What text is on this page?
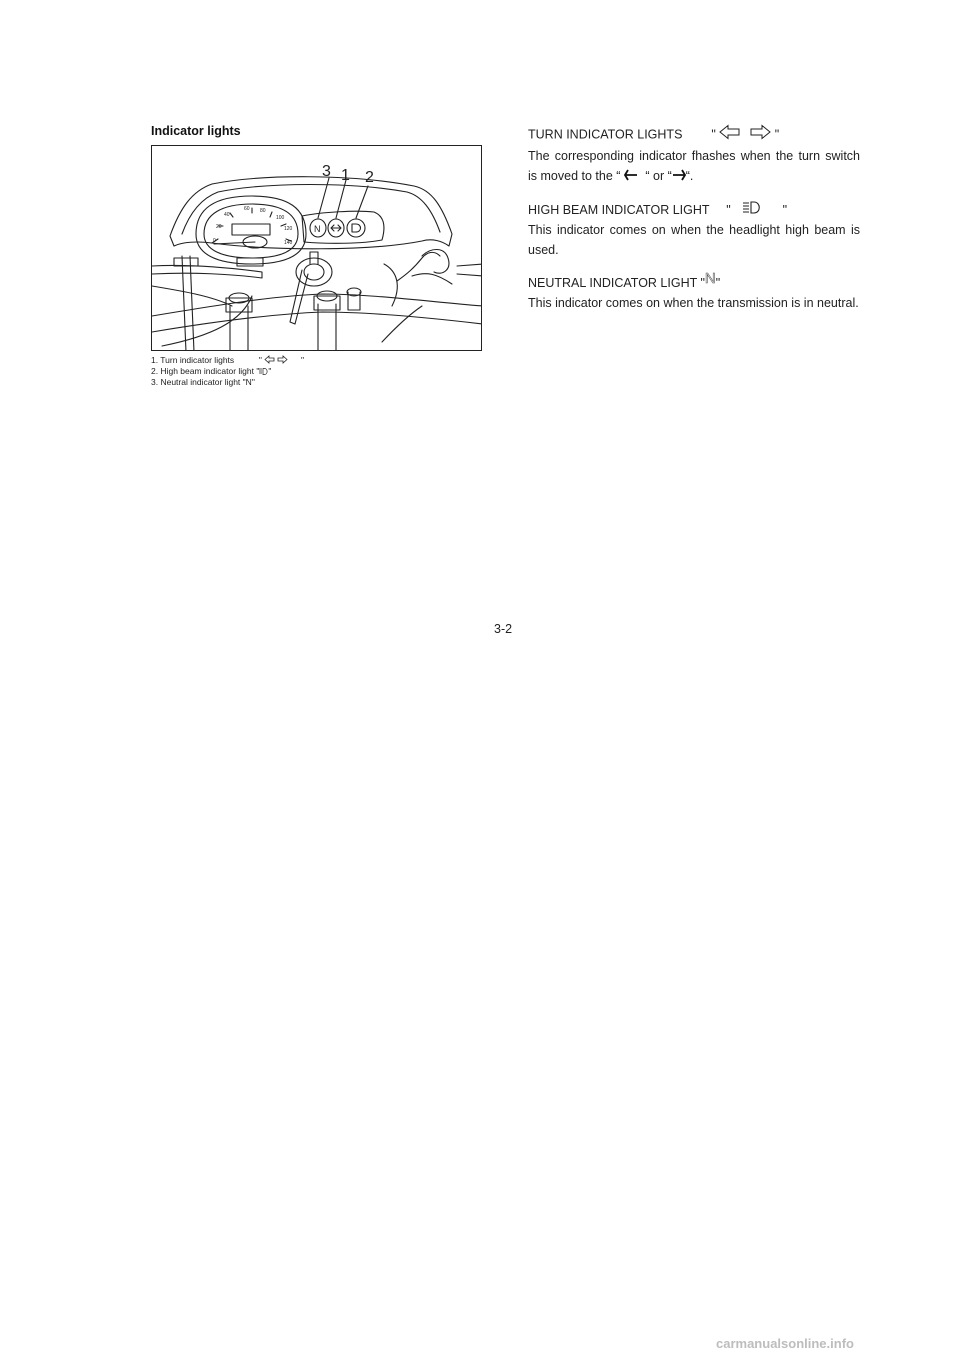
Indicator lights
20
40
60 80
100
120
140
0
N
3 1 2
1. Turn indicator lights	"	"
2. High beam indicator light " "
3. Neutral indicator light "N"
TURN INDICATOR LIGHTS "	"
The corresponding indicator fhashes when the turn switch is moved to the “ “ or “ “.
HIGH BEAM INDICATOR LIGHT "	"
This indicator comes on when the headlight high beam is used.
NEUTRAL INDICATOR LIGHT "N"
This indicator comes on when the transmission is in neutral.
3-2
carmanualsonline.info
